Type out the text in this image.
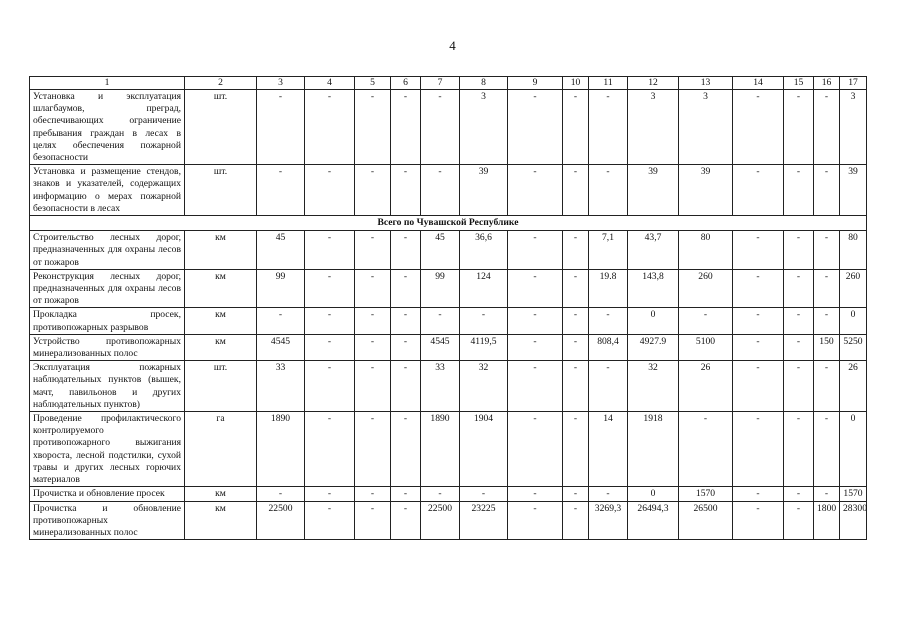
4
1	2	3	4	5	6	7	8	9	10	11	12	13	14	15	16	17
Установка и эксплуатация шлагбаумов, преград, обеспечивающих ограничение пребывания граждан в лесах в целях обеспечения пожарной безопасности	шт.	-	-	-	-	-	3	-	-	-	3	3	-	-	-	3
Установка и размещение стендов, знаков и указателей, содержащих информацию о мерах пожарной безопасности в лесах	шт.	-	-	-	-	-	39	-	-	-	39	39	-	-	-	39
Всего по Чувашской Республике																
Строительство лесных дорог, предназначенных для охраны лесов от пожаров	км	45	-	-	-	45	36,6	-	-	7,1	43,7	80	-	-	-	80
Реконструкция лесных дорог, предназначенных для охраны лесов от пожаров	км	99	-	-	-	99	124	-	-	19.8	143,8	260	-	-	-	260
Прокладка просек, противопожарных разрывов	км	-	-	-	-	-	-	-	-	-	0	-	-	-	-	0
Устройство противопожарных минерализованных полос	км	4545	-	-	-	4545	4119,5	-	-	808,4	4927.9	5100	-	-	150	5250
Эксплуатация пожарных наблюдательных пунктов (вышек, мачт, павильонов и других наблюдательных пунктов)	шт.	33	-	-	-	33	32	-	-	-	32	26	-	-	-	26
Проведение профилактического контролируемого противопожарного выжигания хвороста, лесной подстилки, сухой травы и других лесных горючих материалов	га	1890	-	-	-	1890	1904	-	-	14	1918	-	-	-	-	0
Прочистка и обновление просек	км	-	-	-	-	-	-	-	-	-	0	1570	-	-	-	1570
Прочистка и обновление противопожарных минерализованных полос	км	22500	-	-	-	22500	23225	-	-	3269,3	26494,3	26500	-	-	1800	28300
